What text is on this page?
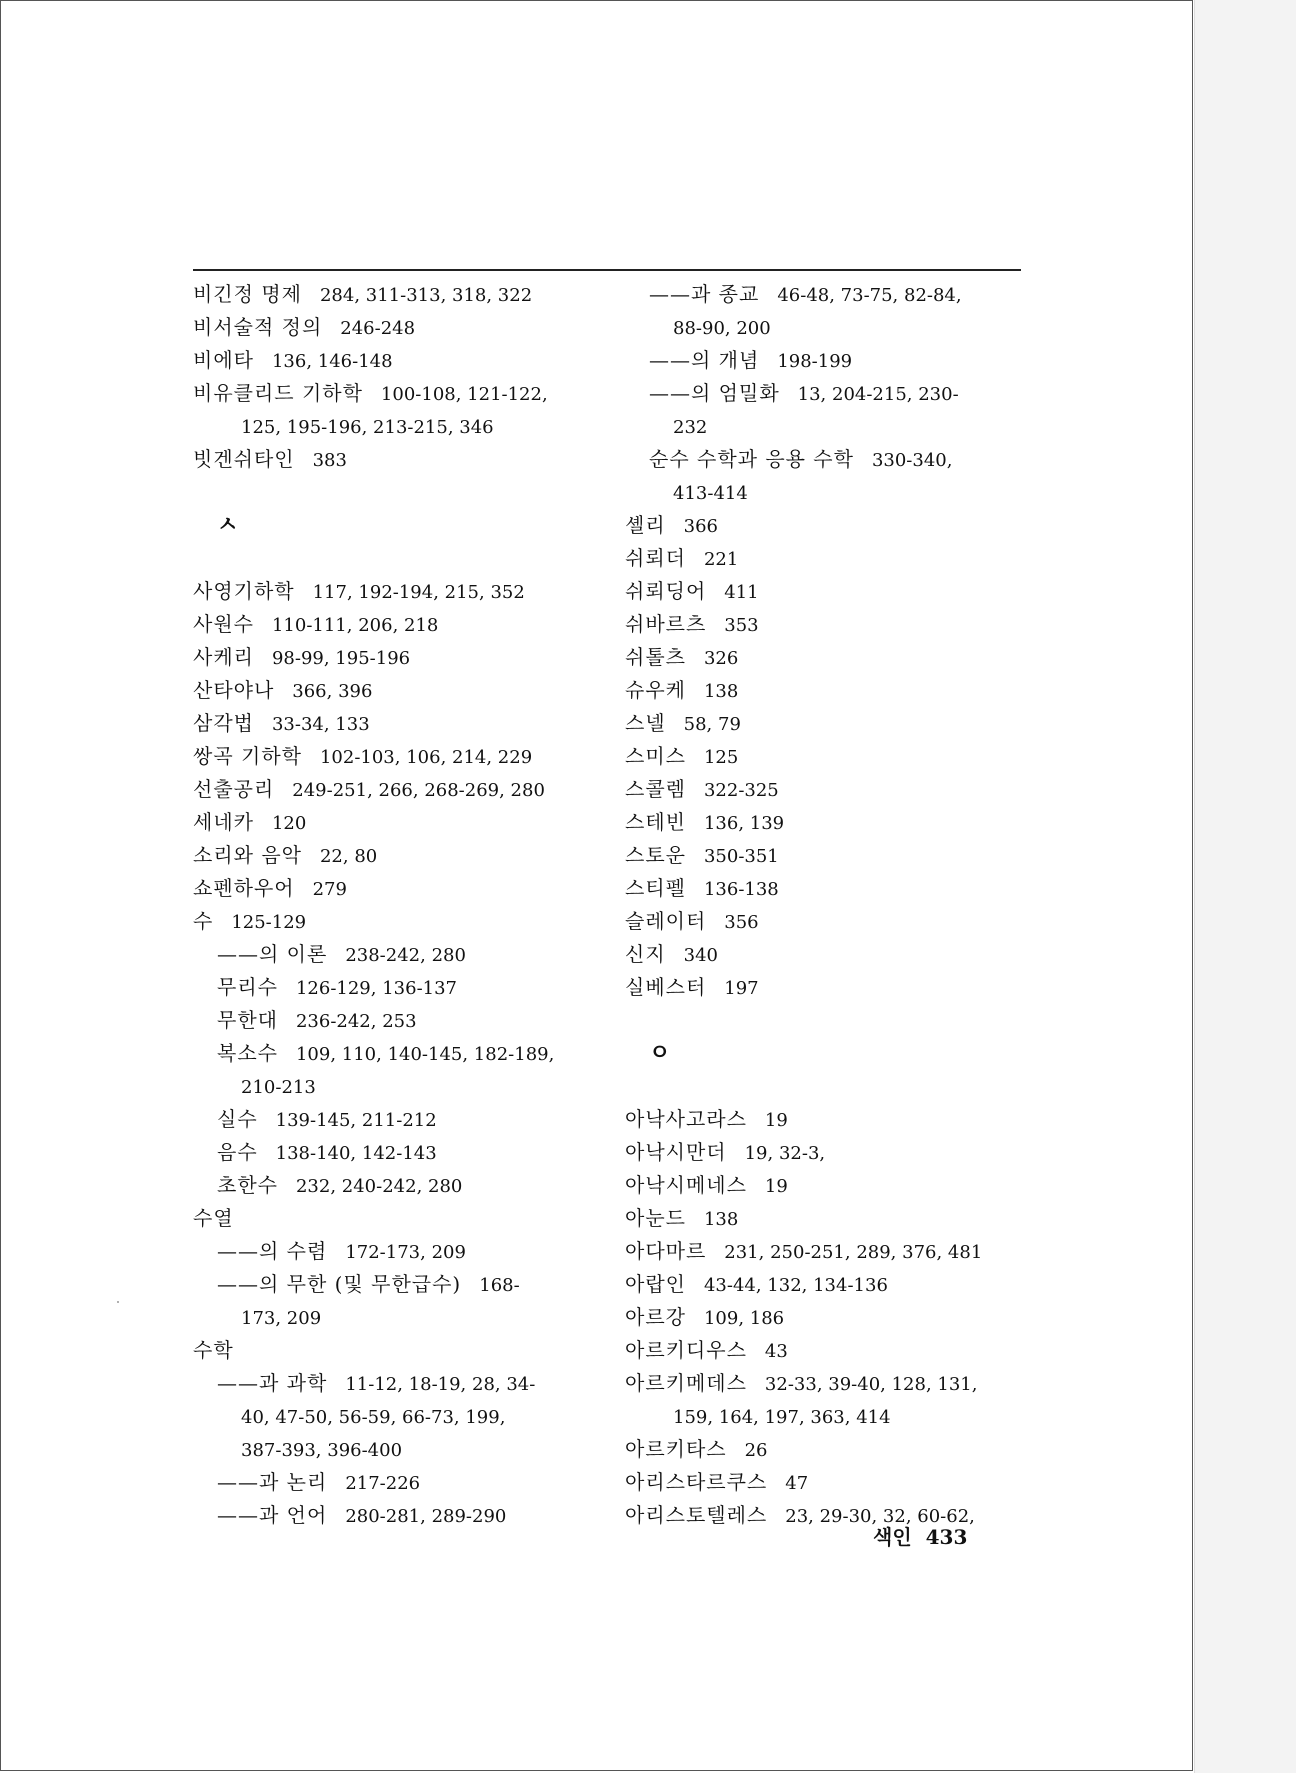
비긴정 명제 284, 311-313, 318, 322
비서술적 정의 246-248
비에타 136, 146-148
비유클리드 기하학 100-108, 121-122,
125, 195-196, 213-215, 346
빗겐쉬타인 383
ㅅ
사영기하학 117, 192-194, 215, 352
사원수 110-111, 206, 218
사케리 98-99, 195-196
산타야나 366, 396
삼각법 33-34, 133
쌍곡 기하학 102-103, 106, 214, 229
선출공리 249-251, 266, 268-269, 280
세네카 120
소리와 음악 22, 80
쇼펜하우어 279
수 125-129
——의 이론 238-242, 280
무리수 126-129, 136-137
무한대 236-242, 253
복소수 109, 110, 140-145, 182-189,
210-213
실수 139-145, 211-212
음수 138-140, 142-143
초한수 232, 240-242, 280
수열
——의 수렴 172-173, 209
——의 무한 (및 무한급수) 168-
173, 209
수학
——과 과학 11-12, 18-19, 28, 34-
40, 47-50, 56-59, 66-73, 199,
387-393, 396-400
——과 논리 217-226
——과 언어 280-281, 289-290
——과 종교 46-48, 73-75, 82-84,
88-90, 200
——의 개념 198-199
——의 엄밀화 13, 204-215, 230-
232
순수 수학과 응용 수학 330-340,
413-414
셸리 366
쉬뢰더 221
쉬뢰딩어 411
쉬바르츠 353
쉬톨츠 326
슈우케 138
스넬 58, 79
스미스 125
스콜렘 322-325
스테빈 136, 139
스토운 350-351
스티펠 136-138
슬레이터 356
신지 340
실베스터 197
ㅇ
아낙사고라스 19
아낙시만더 19, 32-3,
아낙시메네스 19
아눈드 138
아다마르 231, 250-251, 289, 376, 481
아랍인 43-44, 132, 134-136
아르강 109, 186
아르키디우스 43
아르키메데스 32-33, 39-40, 128, 131,
159, 164, 197, 363, 414
아르키타스 26
아리스타르쿠스 47
아리스토텔레스 23, 29-30, 32, 60-62,
색인 433
